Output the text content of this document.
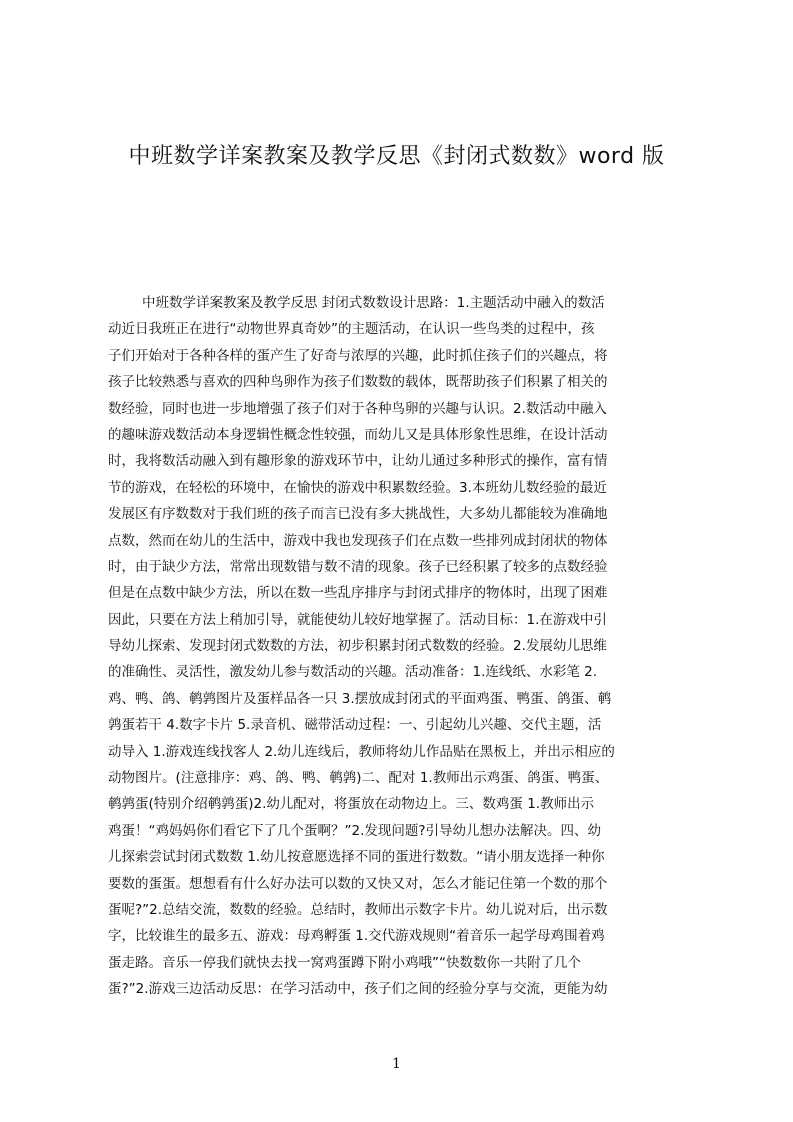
中班数学详案教案及教学反思《封闭式数数》word 版
中班数学详案教案及教学反思 封闭式数数设计思路：1.主题活动中融入的数活
动近日我班正在进行“动物世界真奇妙”的主题活动，在认识一些鸟类的过程中，孩
子们开始对于各种各样的蛋产生了好奇与浓厚的兴趣，此时抓住孩子们的兴趣点，将
孩子比较熟悉与喜欢的四种鸟卵作为孩子们数数的载体，既帮助孩子们积累了相关的
数经验，同时也进一步地增强了孩子们对于各种鸟卵的兴趣与认识。2.数活动中融入
的趣味游戏数活动本身逻辑性概念性较强，而幼儿又是具体形象性思维，在设计活动
时，我将数活动融入到有趣形象的游戏环节中，让幼儿通过多种形式的操作，富有情
节的游戏，在轻松的环境中，在愉快的游戏中积累数经验。3.本班幼儿数经验的最近
发展区有序数数对于我们班的孩子而言已没有多大挑战性，大多幼儿都能较为准确地
点数，然而在幼儿的生活中，游戏中我也发现孩子们在点数一些排列成封闭状的物体
时，由于缺少方法，常常出现数错与数不清的现象。孩子已经积累了较多的点数经验
但是在点数中缺少方法，所以在数一些乱序排序与封闭式排序的物体时，出现了困难
因此，只要在方法上稍加引导，就能使幼儿较好地掌握了。活动目标：1.在游戏中引
导幼儿探索、发现封闭式数数的方法，初步积累封闭式数数的经验。2.发展幼儿思维
的准确性、灵活性，激发幼儿参与数活动的兴趣。活动准备：1.连线纸、水彩笔 2.
鸡、鸭、鸽、鹌鹑图片及蛋样品各一只 3.摆放成封闭式的平面鸡蛋、鸭蛋、鸽蛋、鹌
鹑蛋若干 4.数字卡片 5.录音机、磁带活动过程：一、引起幼儿兴趣、交代主题，活
动导入 1.游戏连线找客人 2.幼儿连线后，教师将幼儿作品贴在黑板上，并出示相应的
动物图片。(注意排序：鸡、鸽、鸭、鹌鹑)二、配对 1.教师出示鸡蛋、鸽蛋、鸭蛋、
鹌鹑蛋(特别介绍鹌鹑蛋)2.幼儿配对，将蛋放在动物边上。三、数鸡蛋 1.教师出示
鸡蛋！“鸡妈妈你们看它下了几个蛋啊？”2.发现问题?引导幼儿想办法解决。四、幼
儿探索尝试封闭式数数 1.幼儿按意愿选择不同的蛋进行数数。“请小朋友选择一种你
要数的蛋蛋。想想看有什么好办法可以数的又快又对，怎么才能记住第一个数的那个
蛋呢?”2.总结交流，数数的经验。总结时，教师出示数字卡片。幼儿说对后，出示数
字，比较谁生的最多五、游戏：母鸡孵蛋 1.交代游戏规则“着音乐一起学母鸡围着鸡
蛋走路。音乐一停我们就快去找一窝鸡蛋蹲下附小鸡哦”“快数数你一共附了几个
蛋?”2.游戏三边活动反思：在学习活动中，孩子们之间的经验分享与交流，更能为幼
1
